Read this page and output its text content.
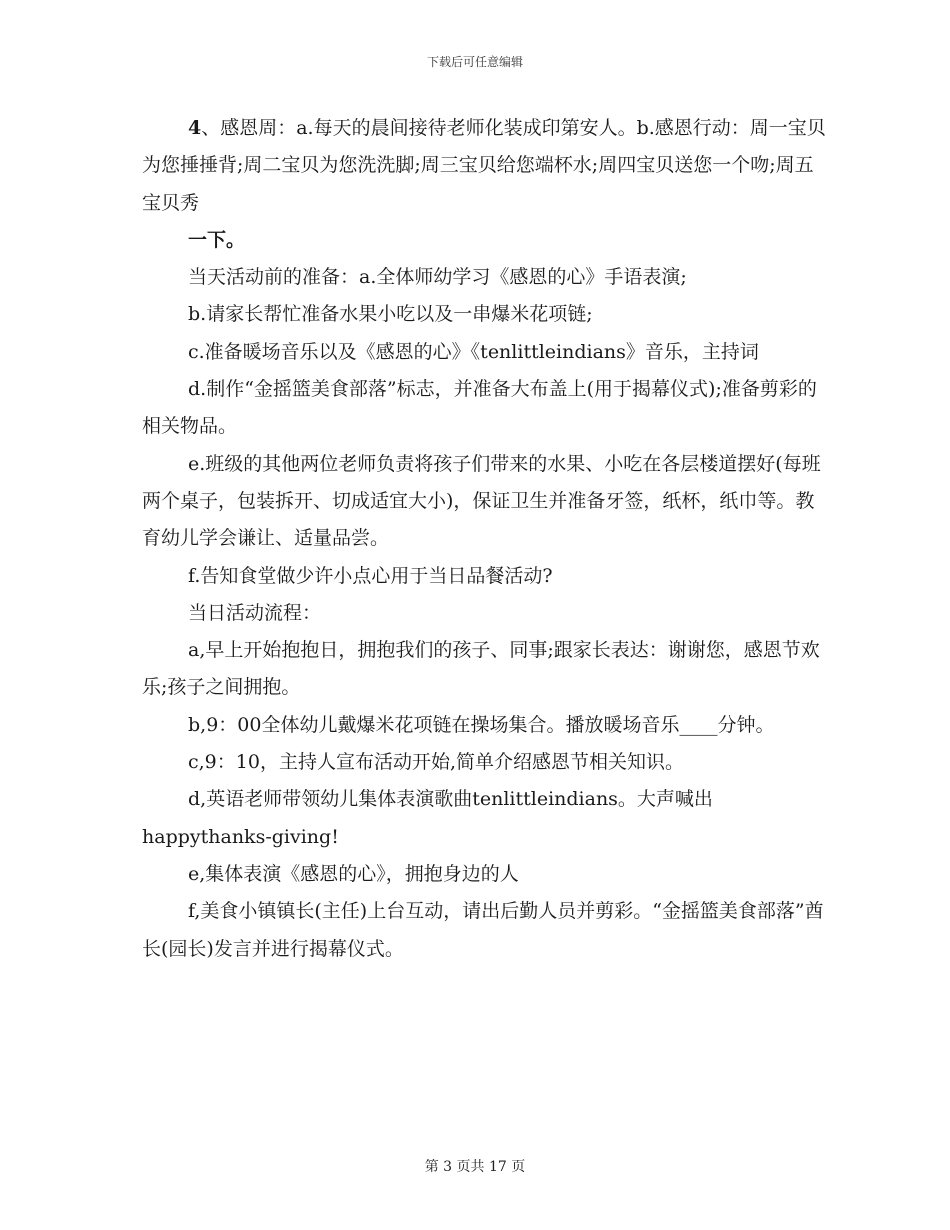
下载后可任意编辑

4、感恩周：a.每天的晨间接待老师化装成印第安人。b.感恩行动：周一宝贝为您捶捶背;周二宝贝为您洗洗脚;周三宝贝给您端杯水;周四宝贝送您一个吻;周五宝贝秀

一下。

当天活动前的准备：a.全体师幼学习《感恩的心》手语表演;

b.请家长帮忙准备水果小吃以及一串爆米花项链;

c.准备暖场音乐以及《感恩的心》《tenlittleindians》音乐，主持词

d.制作“金摇篮美食部落”标志，并准备大布盖上(用于揭幕仪式);准备剪彩的相关物品。

e.班级的其他两位老师负责将孩子们带来的水果、小吃在各层楼道摆好(每班两个桌子，包装拆开、切成适宜大小)，保证卫生并准备牙签，纸杯，纸巾等。教育幼儿学会谦让、适量品尝。

f.告知食堂做少许小点心用于当日品餐活动?

当日活动流程：

a,早上开始抱抱日，拥抱我们的孩子、同事;跟家长表达：谢谢您，感恩节欢乐;孩子之间拥抱。

b,9：00全体幼儿戴爆米花项链在操场集合。播放暖场音乐____分钟。

c,9：10，主持人宣布活动开始,简单介绍感恩节相关知识。

d,英语老师带领幼儿集体表演歌曲tenlittleindians。大声喊出happythanks-giving!

e,集体表演《感恩的心》，拥抱身边的人

f,美食小镇镇长(主任)上台互动，请出后勤人员并剪彩。“金摇篮美食部落”酋长(园长)发言并进行揭幕仪式。

第 3 页共 17 页
